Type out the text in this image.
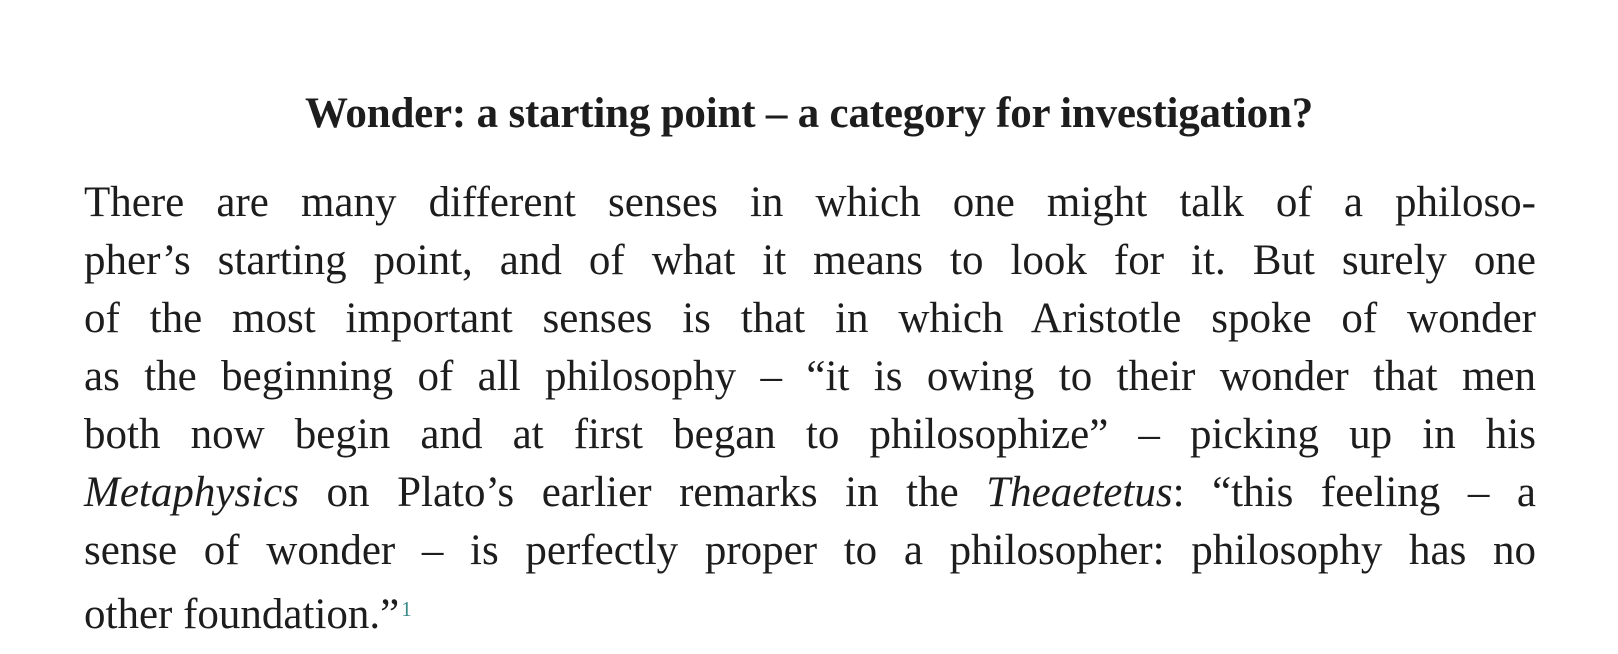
Wonder: a starting point – a category for investigation?
There are many different senses in which one might talk of a philoso-
pher’s starting point, and of what it means to look for it. But surely one
of the most important senses is that in which Aristotle spoke of wonder
as the beginning of all philosophy – “it is owing to their wonder that men
both now begin and at first began to philosophize” – picking up in his
Metaphysics on Plato’s earlier remarks in the Theaetetus: “this feeling – a
sense of wonder – is perfectly proper to a philosopher: philosophy has no
other foundation.”$^1$
